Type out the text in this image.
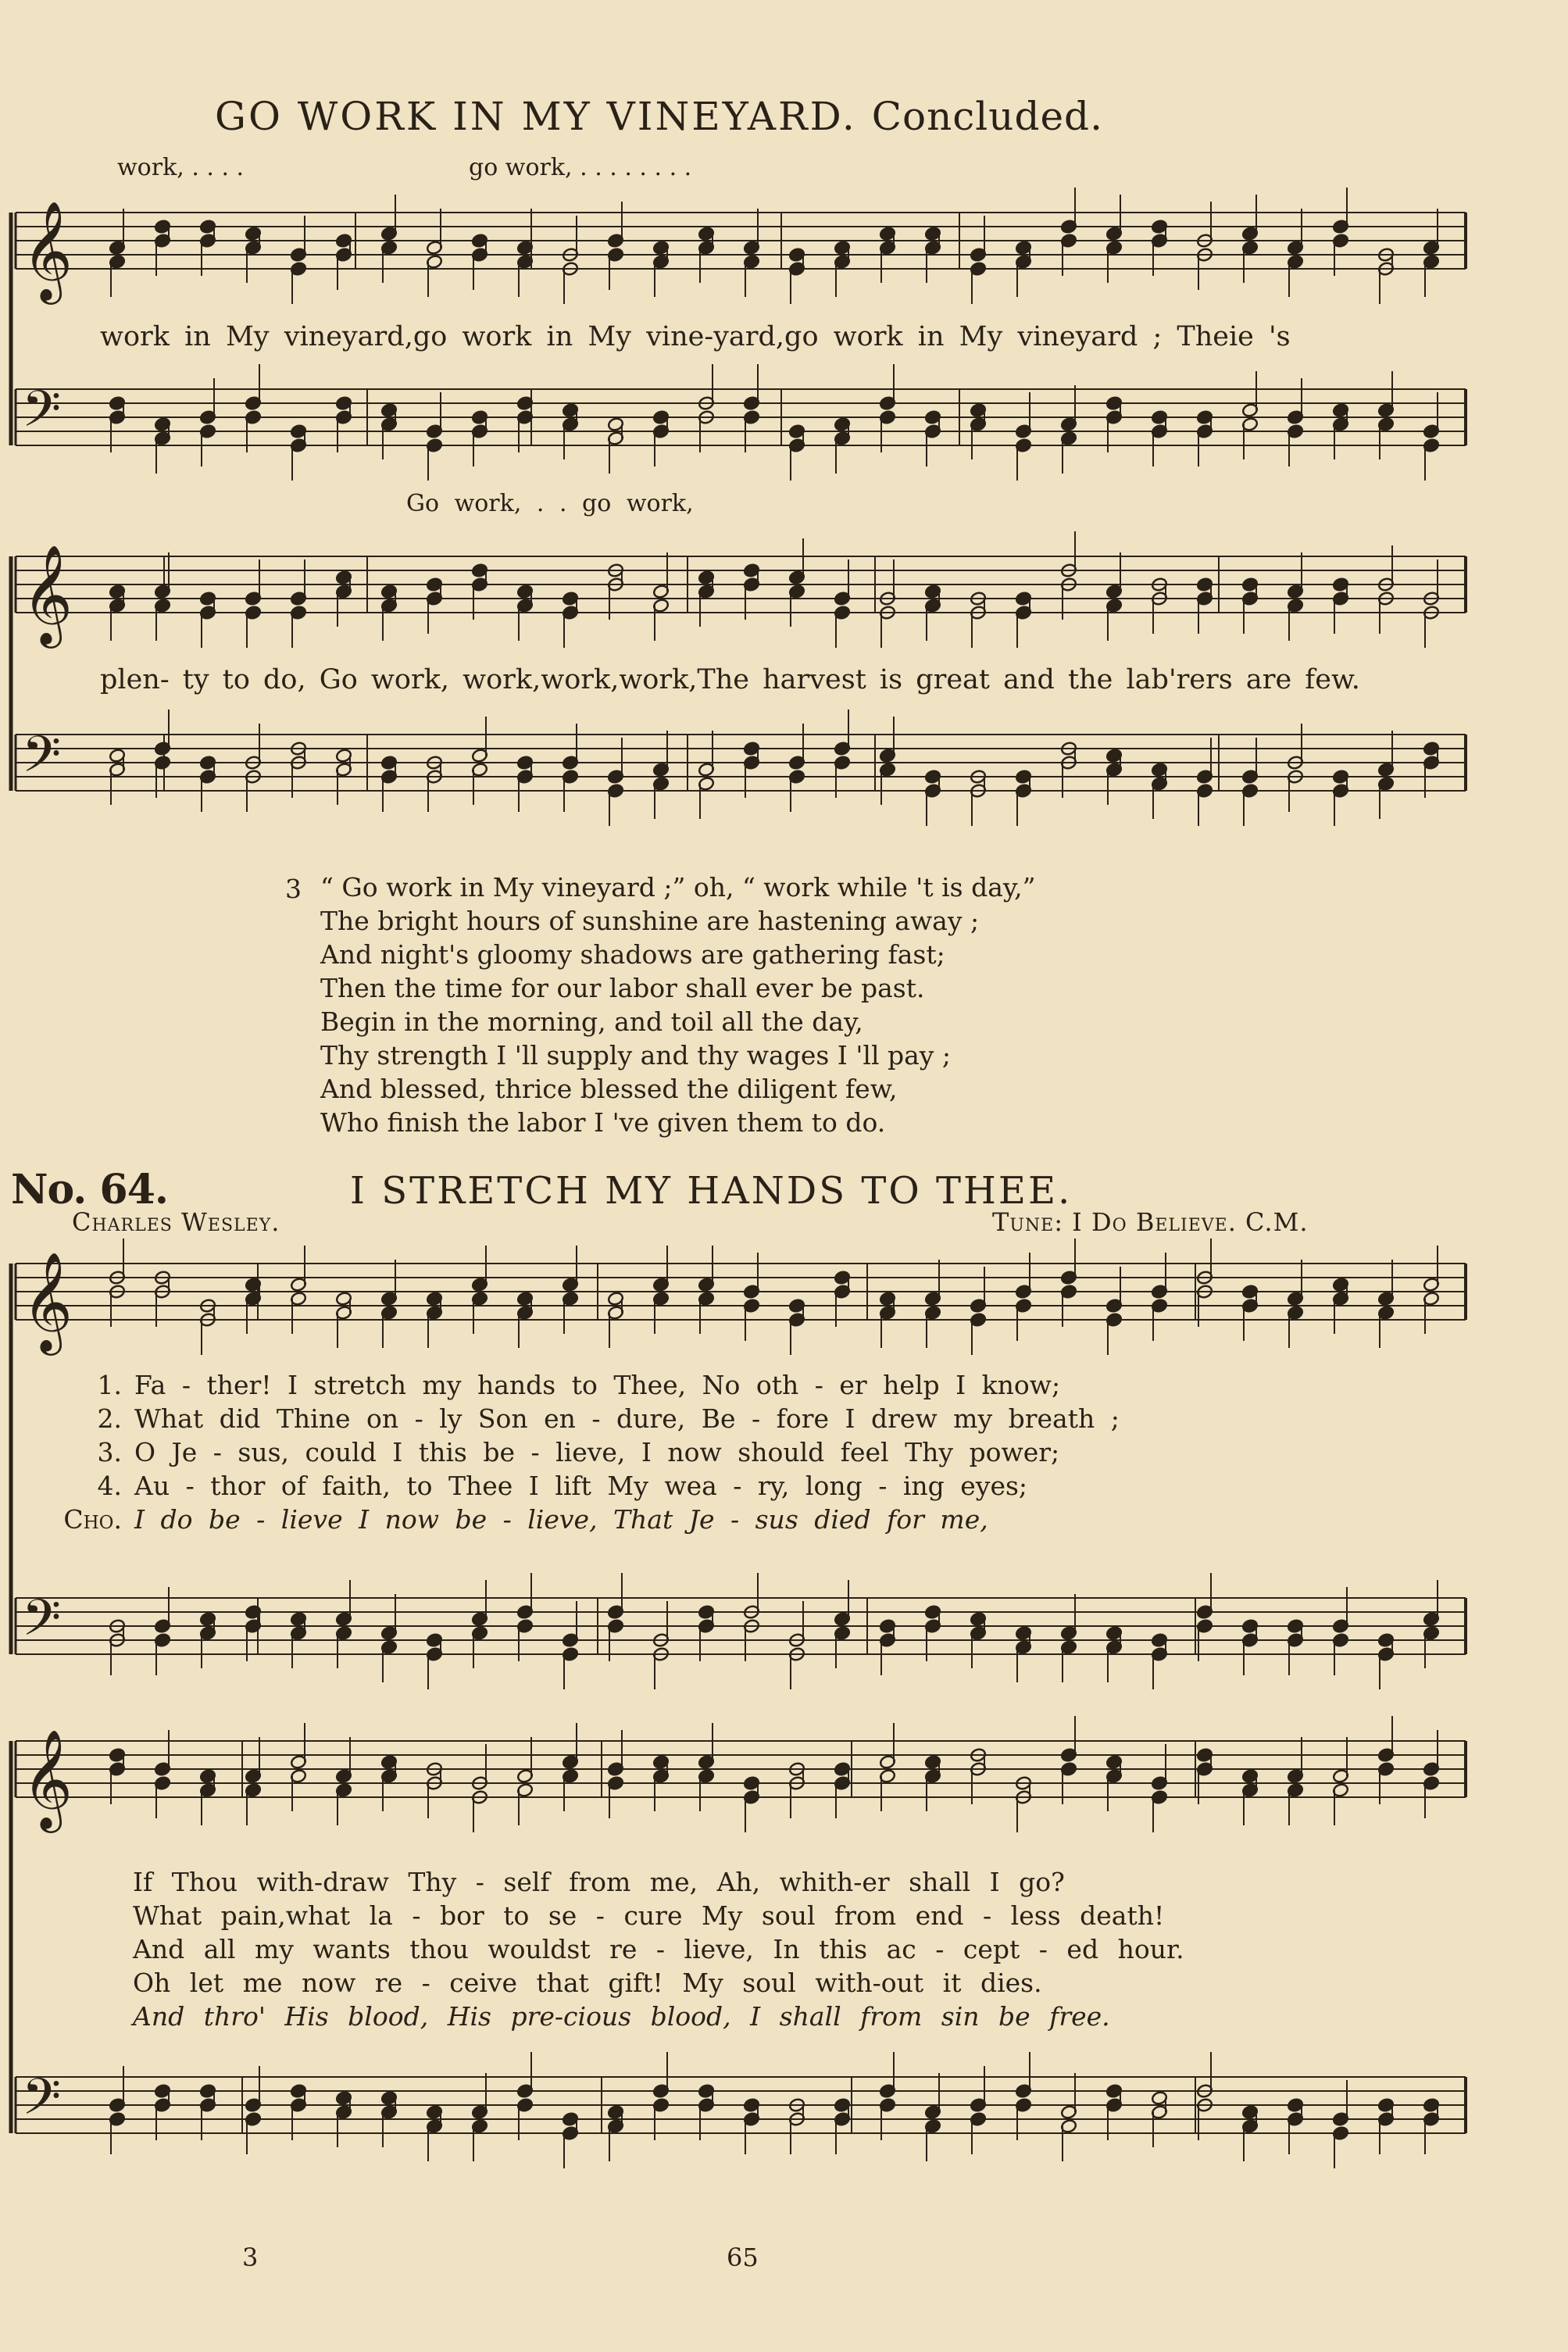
GO WORK IN MY VINEYARD. Concluded.
𝄞
𝄢
𝄞
𝄢
𝄞
𝄢
𝄞
𝄢
work, . . . .	go work, . . . . . . . .
work in My vineyard,go work in My vine-yard,go work in My vineyard ; Theie 's
Go work, . . go work,
plen- ty to do, Go work, work,work,work,The harvest is great and the lab'rers are few.
3 “ Go work in My vineyard ;” oh, “ work while 't is day,”
The bright hours of sunshine are hastening away ;
And night's gloomy shadows are gathering fast;
Then the time for our labor shall ever be past.
Begin in the morning, and toil all the day,
Thy strength I 'll supply and thy wages I 'll pay ;
And blessed, thrice blessed the diligent few,
Who finish the labor I 've given them to do.
No. 64.	I STRETCH MY HANDS TO THEE.
Charles Wesley.	Tune: I Do Believe. C.M.
1. Fa - ther! I stretch my hands to Thee, No oth - er help I know;
2. What did Thine on - ly Son en - dure, Be - fore I drew my breath ;
3. O Je - sus, could I this be - lieve, I now should feel Thy power;
4. Au - thor of faith, to Thee I lift My wea - ry, long - ing eyes;
Cho. I do be - lieve I now be - lieve, That Je - sus died for me,
If Thou with-draw Thy - self from me, Ah, whith-er shall I go?
What pain,what la - bor to se - cure My soul from end - less death!
And all my wants thou wouldst re - lieve, In this ac - cept - ed hour.
Oh let me now re - ceive that gift! My soul with-out it dies.
And thro' His blood, His pre-cious blood, I shall from sin be free.
3	65
